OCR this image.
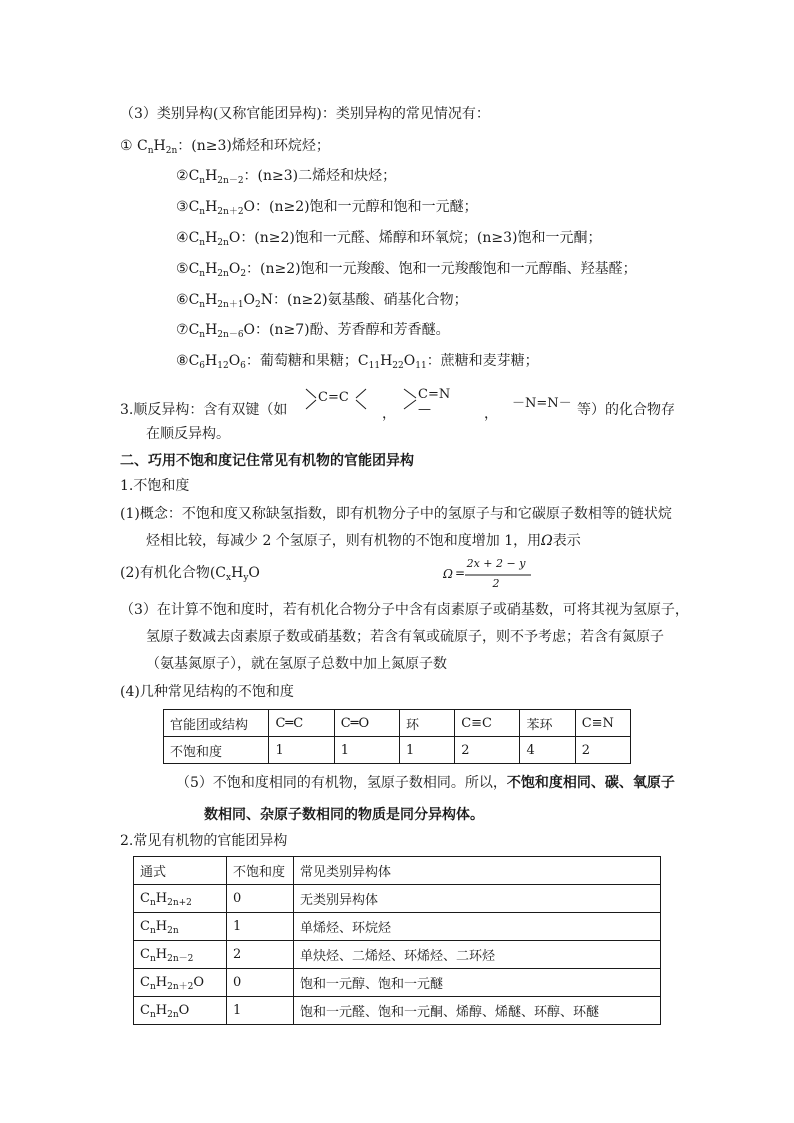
（3）类别异构(又称官能团异构)：类别异构的常见情况有：
① $C_nH_{2n}$：(n≥3)烯烃和环烷烃；
$②C_nH_{2n-2}$：(n≥3)二烯烃和炔烃；
$③C_nH_{2n+2}O$：(n≥2)饱和一元醇和饱和一元醚；
$④C_nH_{2n}O$：(n≥2)饱和一元醛、烯醇和环氧烷；(n≥3)饱和一元酮；
$⑤C_nH_{2n}O_2$：(n≥2)饱和一元羧酸、饱和一元羧酸饱和一元醇酯、羟基醛；
$⑥C_nH_{2n+1}O_2N$：(n≥2)氨基酸、硝基化合物；
$⑦C_nH_{2n-6}O$：(n≥7)酚、芳香醇和芳香醚。
$⑧C_6H_{12}O_6$：葡萄糖和果糖；$C_{11}H_{22}O_{11}$：蔗糖和麦芽糖；
3.顺反异构：含有双键（如
C=C
，
C=N—	，
－N=N－ 等）的化合物存
在顺反异构。
二、巧用不饱和度记住常见有机物的官能团异构
1.不饱和度
(1)概念：不饱和度又称缺氢指数，即有机物分子中的氢原子与和它碳原子数相等的链状烷
烃相比较，每减少 2 个氢原子，则有机物的不饱和度增加 1，用Ω表示
(2)有机化合物($C_xH_yO$	Ω =
2x + 2 − y
2
（3）在计算不饱和度时，若有机化合物分子中含有卤素原子或硝基数，可将其视为氢原子，
氢原子数减去卤素原子数或硝基数；若含有氧或硫原子，则不予考虑；若含有氮原子
（氨基氮原子），就在氢原子总数中加上氮原子数
(4)几种常见结构的不饱和度
官能团或结构	C═C	C═O	环	C≡C	苯环	C≡N
不饱和度	1	1	1	2	4	2
（5）不饱和度相同的有机物，氢原子数相同。所以，不饱和度相同、碳、氧原子
数相同、杂原子数相同的物质是同分异构体。
2.常见有机物的官能团异构
通式	不饱和度	常见类别异构体
$C_nH_{2n+2}$	0	无类别异构体
$C_nH_{2n}$	1	单烯烃、环烷烃
$C_nH_{2n-2}$	2	单炔烃、二烯烃、环烯烃、二环烃
$C_nH_{2n+2}O$	0	饱和一元醇、饱和一元醚
$C_nH_{2n}O$	1	饱和一元醛、饱和一元酮、烯醇、烯醚、环醇、环醚
